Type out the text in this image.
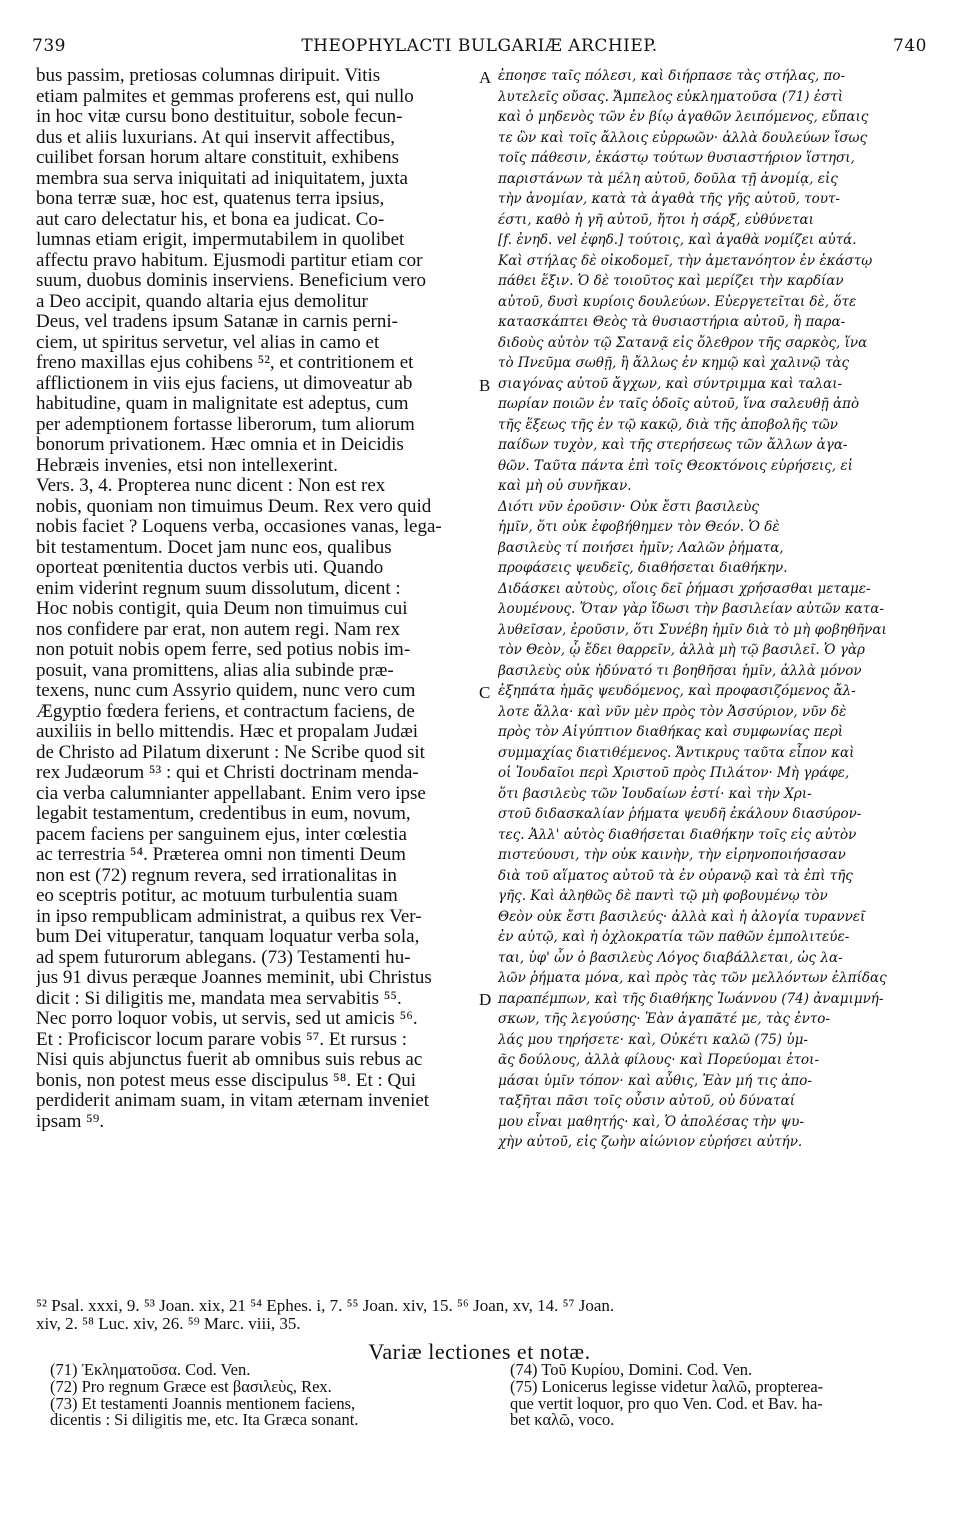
739	THEOPHYLACTI BULGARIÆ ARCHIEP.	740
bus passim, pretiosas columnas diripuit. Vitis
etiam palmites et gemmas proferens est, qui nullo
in hoc vitæ cursu bono destituitur, sobole fecun-
dus et aliis luxurians. At qui inservit affectibus,
cuilibet forsan horum altare constituit, exhibens
membra sua serva iniquitati ad iniquitatem, juxta
bona terræ suæ, hoc est, quatenus terra ipsius,
aut caro delectatur his, et bona ea judicat. Co-
lumnas etiam erigit, impermutabilem in quolibet
affectu pravo habitum. Ejusmodi partitur etiam cor
suum, duobus dominis inserviens. Beneficium vero
a Deo accipit, quando altaria ejus demolitur
Deus, vel tradens ipsum Satanæ in carnis perni-
ciem, ut spiritus servetur, vel alias in camo et
freno maxillas ejus cohibens ⁵², et contritionem et
afflictionem in viis ejus faciens, ut dimoveatur ab
habitudine, quam in malignitate est adeptus, cum
per ademptionem fortasse liberorum, tum aliorum
bonorum privationem. Hæc omnia et in Deicidis
Hebræis invenies, etsi non intellexerint.
Vers. 3, 4. Propterea nunc dicent : Non est rex
nobis, quoniam non timuimus Deum. Rex vero quid
nobis faciet ? Loquens verba, occasiones vanas, lega-
bit testamentum. Docet jam nunc eos, qualibus
oporteat pœnitentia ductos verbis uti. Quando
enim viderint regnum suum dissolutum, dicent :
Hoc nobis contigit, quia Deum non timuimus cui
nos confidere par erat, non autem regi. Nam rex
non potuit nobis opem ferre, sed potius nobis im-
posuit, vana promittens, alias alia subinde præ-
texens, nunc cum Assyrio quidem, nunc vero cum
Ægyptio fœdera feriens, et contractum faciens, de
auxiliis in bello mittendis. Hæc et propalam Judæi
de Christo ad Pilatum dixerunt : Ne Scribe quod sit
rex Judæorum ⁵³ : qui et Christi doctrinam menda-
cia verba calumnianter appellabant. Enim vero ipse
legabit testamentum, credentibus in eum, novum,
pacem faciens per sanguinem ejus, inter cœlestia
ac terrestria ⁵⁴. Præterea omni non timenti Deum
non est (72) regnum revera, sed irrationalitas in
eo sceptris potitur, ac motuum turbulentia suam
in ipso rempublicam administrat, a quibus rex Ver-
bum Dei vituperatur, tanquam loquatur verba sola,
ad spem futurorum ablegans. (73) Testamenti hu-
jus 91 divus peræque Joannes meminit, ubi Christus
dicit : Si diligitis me, mandata mea servabitis ⁵⁵.
Nec porro loquor vobis, ut servis, sed ut amicis ⁵⁶.
Et : Proficiscor locum parare vobis ⁵⁷. Et rursus :
Nisi quis abjunctus fuerit ab omnibus suis rebus ac
bonis, non potest meus esse discipulus ⁵⁸. Et : Qui
perdiderit animam suam, in vitam æternam inveniet
ipsam ⁵⁹.
ἐποησε ταῖς πόλεσι, καὶ διήρπασε τὰς στήλας, πο-
λυτελεῖς οὔσας. Ἄμπελος εὐκληματοῦσα (71) ἐστὶ
καὶ ὁ μηδενὸς τῶν ἐν βίῳ ἀγαθῶν λειπόμενος, εὔπαις
τε ὢν καὶ τοῖς ἄλλοις εὐρρωῶν· ἀλλὰ δουλεύων ἴσως
τοῖς πάθεσιν, ἑκάστῳ τούτων θυσιαστήριον ἵστησι,
παριστάνων τὰ μέλη αὐτοῦ, δοῦλα τῇ ἀνομίᾳ, εἰς
τὴν ἀνομίαν, κατὰ τὰ ἀγαθὰ τῆς γῆς αὐτοῦ, τουτ-
έστι, καθὸ ἡ γῆ αὐτοῦ, ἤτοι ἡ σάρξ, εὐθύνεται
[f. ἐνηδ. vel ἐφηδ.] τούτοις, καὶ ἀγαθὰ νομίζει αὐτά.
Καὶ στήλας δὲ οἰκοδομεῖ, τὴν ἀμετανόητον ἐν ἑκάστῳ
πάθει ἕξιν. Ὁ δὲ τοιοῦτος καὶ μερίζει τὴν καρδίαν
αὐτοῦ, δυσὶ κυρίοις δουλεύων. Εὐεργετεῖται δὲ, ὅτε
κατασκάπτει Θεὸς τὰ θυσιαστήρια αὐτοῦ, ἢ παρα-
διδοὺς αὐτὸν τῷ Σατανᾷ εἰς ὄλεθρον τῆς σαρκὸς, ἵνα
τὸ Πνεῦμα σωθῇ, ἢ ἄλλως ἐν κημῷ καὶ χαλινῷ τὰς
σιαγόνας αὐτοῦ ἄγχων, καὶ σύντριμμα καὶ ταλαι-
πωρίαν ποιῶν ἐν ταῖς ὁδοῖς αὐτοῦ, ἵνα σαλευθῇ ἀπὸ
τῆς ἕξεως τῆς ἐν τῷ κακῷ, διὰ τῆς ἀποβολῆς τῶν
παίδων τυχὸν, καὶ τῆς στερήσεως τῶν ἄλλων ἀγα-
θῶν. Ταῦτα πάντα ἐπὶ τοῖς Θεοκτόνοις εὑρήσεις, εἰ
καὶ μὴ οὐ συνῆκαν.
Διότι νῦν ἐροῦσιν· Οὐκ ἔστι βασιλεὺς
ἡμῖν, ὅτι οὐκ ἐφοβήθημεν τὸν Θεόν. Ὁ δὲ
βασιλεὺς τί ποιήσει ἡμῖν; Λαλῶν ῥήματα,
προφάσεις ψευδεῖς, διαθήσεται διαθήκην.
Διδάσκει αὐτοὺς, οἵοις δεῖ ῥήμασι χρήσασθαι μεταμε-
λουμένους. Ὅταν γὰρ ἴδωσι τὴν βασιλείαν αὐτῶν κατα-
λυθεῖσαν, ἐροῦσιν, ὅτι Συνέβη ἡμῖν διὰ τὸ μὴ φοβηθῆναι
τὸν Θεὸν, ᾧ ἔδει θαρρεῖν, ἀλλὰ μὴ τῷ βασιλεῖ. Ὁ γὰρ
βασιλεὺς οὐκ ἠδύνατό τι βοηθῆσαι ἡμῖν, ἀλλὰ μόνον
ἐξηπάτα ἡμᾶς ψευδόμενος, καὶ προφασιζόμενος ἄλ-
λοτε ἄλλα· καὶ νῦν μὲν πρὸς τὸν Ἀσσύριον, νῦν δὲ
πρὸς τὸν Αἰγύπτιον διαθήκας καὶ συμφωνίας περὶ
συμμαχίας διατιθέμενος. Ἄντικρυς ταῦτα εἶπον καὶ
οἱ Ἰουδαῖοι περὶ Χριστοῦ πρὸς Πιλάτον· Μὴ γράφε,
ὅτι βασιλεὺς τῶν Ἰουδαίων ἐστί· καὶ τὴν Χρι-
στοῦ διδασκαλίαν ῥήματα ψευδῆ ἐκάλουν διασύρον-
τες. Ἀλλ' αὐτὸς διαθήσεται διαθήκην τοῖς εἰς αὐτὸν
πιστεύουσι, τὴν οὐκ καινὴν, τὴν εἰρηνοποιήσασαν
διὰ τοῦ αἵματος αὐτοῦ τὰ ἐν οὐρανῷ καὶ τὰ ἐπὶ τῆς
γῆς. Καὶ ἀληθῶς δὲ παντὶ τῷ μὴ φοβουμένῳ τὸν
Θεὸν οὐκ ἔστι βασιλεύς· ἀλλὰ καὶ ἡ ἀλογία τυραννεῖ
ἐν αὐτῷ, καὶ ἡ ὀχλοκρατία τῶν παθῶν ἐμπολιτεύε-
ται, ὑφ' ὧν ὁ βασιλεὺς Λόγος διαβάλλεται, ὡς λα-
λῶν ῥήματα μόνα, καὶ πρὸς τὰς τῶν μελλόντων ἐλπίδας
παραπέμπων, καὶ τῆς διαθήκης Ἰωάννου (74) ἀναμιμνή-
σκων, τῆς λεγούσης· Ἐὰν ἀγαπᾶτέ με, τὰς ἐντο-
λάς μου τηρήσετε· καὶ, Οὐκέτι καλῶ (75) ὑμ-
ᾶς δούλους, ἀλλὰ φίλους· καὶ Πορεύομαι ἑτοι-
μάσαι ὑμῖν τόπον· καὶ αὖθις, Ἐὰν μή τις ἀπο-
ταξῆται πᾶσι τοῖς οὖσιν αὐτοῦ, οὐ δύναταί
μου εἶναι μαθητής· καὶ, Ὁ ἀπολέσας τὴν ψυ-
χὴν αὐτοῦ, εἰς ζωὴν αἰώνιον εὑρήσει αὐτήν.
A
B
C
D
⁵² Psal. xxxi, 9. ⁵³ Joan. xix, 21 ⁵⁴ Ephes. i, 7. ⁵⁵ Joan. xiv, 15. ⁵⁶ Joan, xv, 14. ⁵⁷ Joan.
xiv, 2. ⁵⁸ Luc. xiv, 26. ⁵⁹ Marc. viii, 35.
Variæ lectiones et notæ.
(71) Ἐκληματοῦσα. Cod. Ven.
(72) Pro regnum Græce est βασιλεὺς, Rex.
(73) Et testamenti Joannis mentionem faciens,
dicentis : Si diligitis me, etc. Ita Græca sonant.
(74) Τοῦ Κυρίου, Domini. Cod. Ven.
(75) Lonicerus legisse videtur λαλῶ, propterea-
que vertit loquor, pro quo Ven. Cod. et Bav. ha-
bet καλῶ, voco.
